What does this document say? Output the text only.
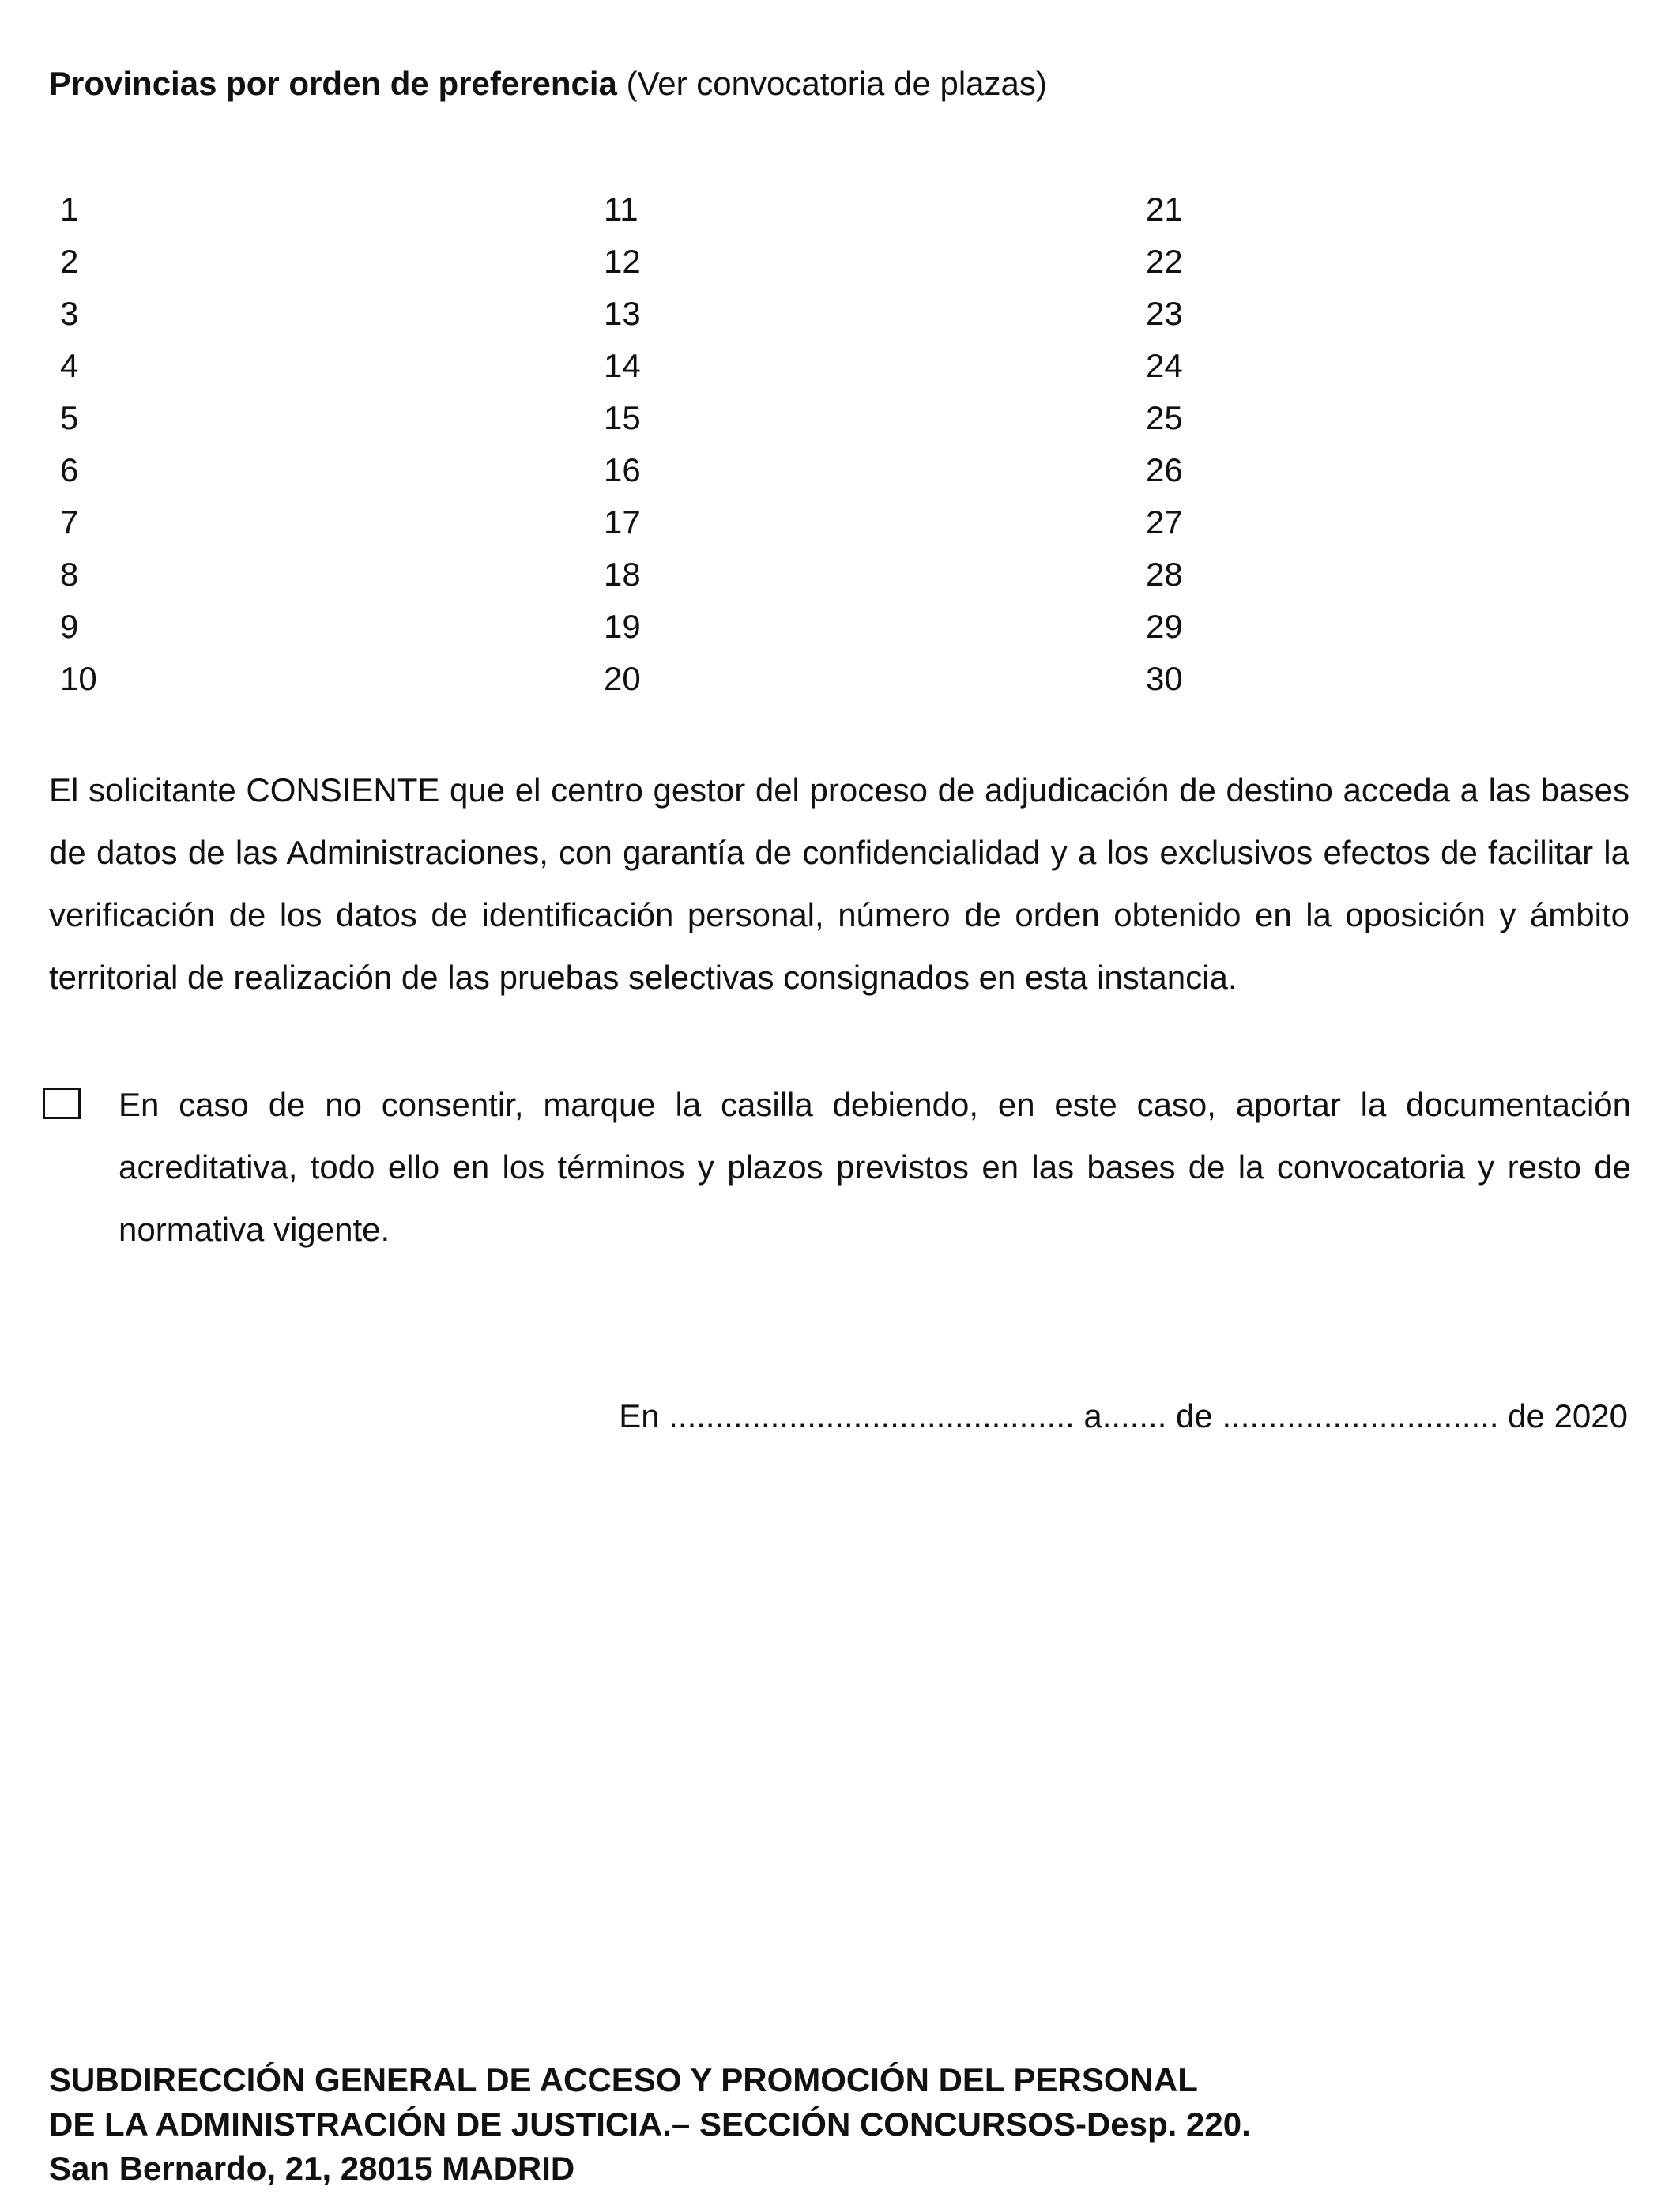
Provincias por orden de preferencia (Ver convocatoria de plazas)
1
2
3
4
5
6
7
8
9
10
11
12
13
14
15
16
17
18
19
20
21
22
23
24
25
26
27
28
29
30
El solicitante CONSIENTE que el centro gestor del proceso de adjudicación de destino acceda a las bases de datos de las Administraciones, con garantía de confidencialidad y a los exclusivos efectos de facilitar la verificación de los datos de identificación personal, número de orden obtenido en la oposición y ámbito territorial de realización de las pruebas selectivas consignados en esta instancia.
En caso de no consentir, marque la casilla debiendo, en este caso, aportar la documentación acreditativa, todo ello en los términos y plazos previstos en las bases de la convocatoria y resto de normativa vigente.
En ............................................ a....... de .............................. de 2020
SUBDIRECCIÓN GENERAL DE ACCESO Y PROMOCIÓN DEL PERSONAL
DE LA ADMINISTRACIÓN DE JUSTICIA.– SECCIÓN CONCURSOS-Desp. 220.
San Bernardo, 21, 28015 MADRID
